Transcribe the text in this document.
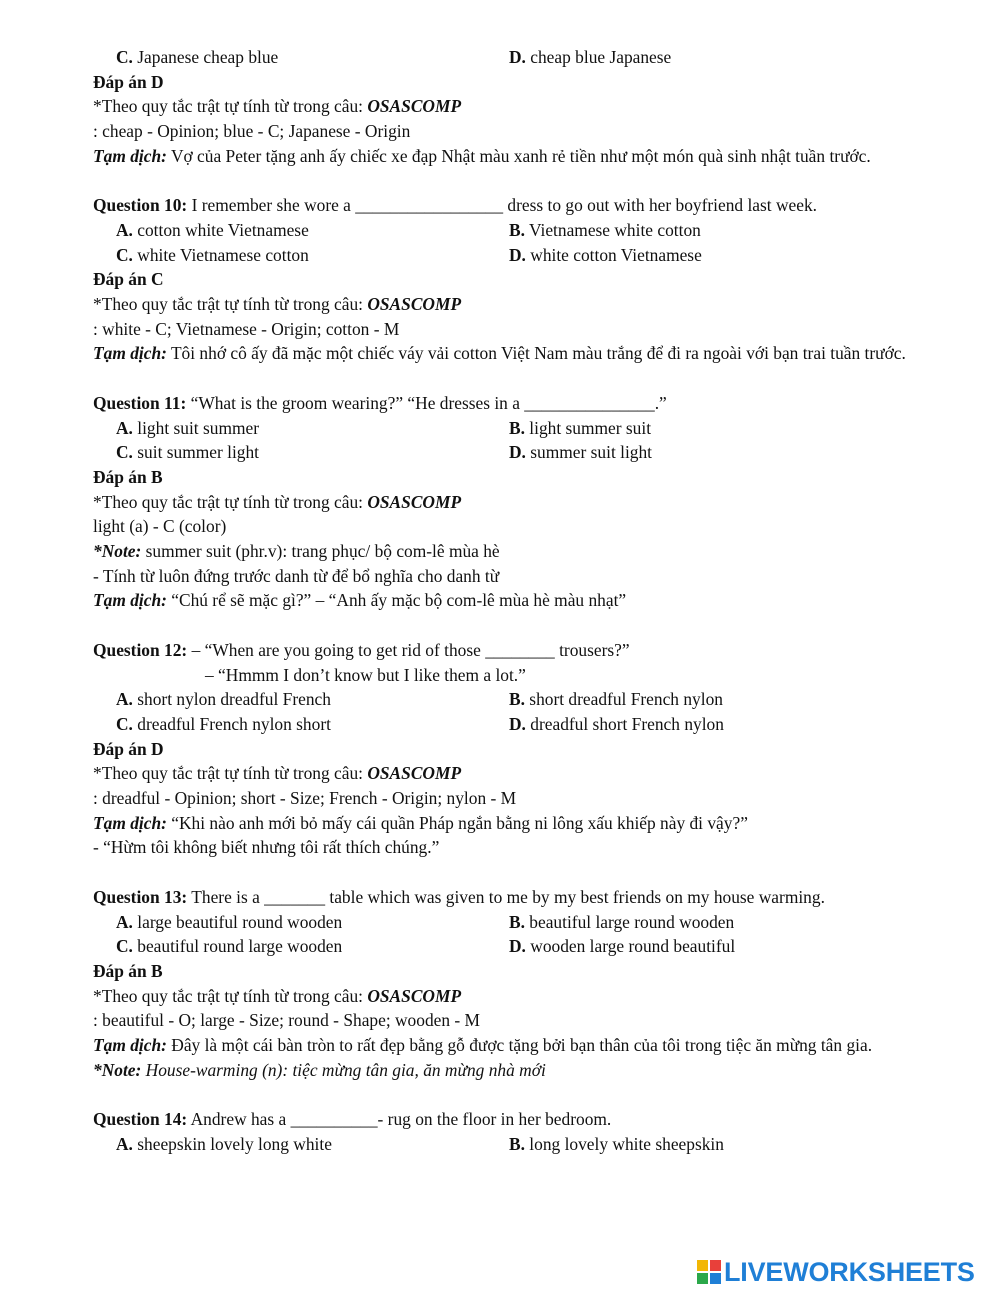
C. Japanese cheap blue	D. cheap blue Japanese
Đáp án D
*Theo quy tắc trật tự tính từ trong câu: OSASCOMP
: cheap - Opinion; blue - C; Japanese - Origin
Tạm dịch: Vợ của Peter tặng anh ấy chiếc xe đạp Nhật màu xanh rẻ tiền như một món quà sinh nhật tuần trước.
Question 10: I remember she wore a _________________ dress to go out with her boyfriend last week.
A. cotton white Vietnamese	B. Vietnamese white cotton
C. white Vietnamese cotton	D. white cotton Vietnamese
Đáp án C
*Theo quy tắc trật tự tính từ trong câu: OSASCOMP
: white - C; Vietnamese - Origin; cotton - M
Tạm dịch: Tôi nhớ cô ấy đã mặc một chiếc váy vải cotton Việt Nam màu trắng để đi ra ngoài với bạn trai tuần trước.
Question 11: “What is the groom wearing?” “He dresses in a _______________.”
A. light suit summer	B. light summer suit
C. suit summer light	D. summer suit light
Đáp án B
*Theo quy tắc trật tự tính từ trong câu: OSASCOMP
light (a) - C (color)
*Note: summer suit (phr.v): trang phục/ bộ com-lê mùa hè
- Tính từ luôn đứng trước danh từ để bổ nghĩa cho danh từ
Tạm dịch: “Chú rể sẽ mặc gì?” – “Anh ấy mặc bộ com-lê mùa hè màu nhạt”
Question 12: – “When are you going to get rid of those ________ trousers?”
– “Hmmm I don’t know but I like them a lot.”
A. short nylon dreadful French	B. short dreadful French nylon
C. dreadful French nylon short	D. dreadful short French nylon
Đáp án D
*Theo quy tắc trật tự tính từ trong câu: OSASCOMP
: dreadful - Opinion; short - Size; French - Origin; nylon - M
Tạm dịch: “Khi nào anh mới bỏ mấy cái quần Pháp ngắn bằng ni lông xấu khiếp này đi vậy?”
- “Hừm tôi không biết nhưng tôi rất thích chúng.”
Question 13: There is a _______ table which was given to me by my best friends on my house warming.
A. large beautiful round wooden	B. beautiful large round wooden
C. beautiful round large wooden	D. wooden large round beautiful
Đáp án B
*Theo quy tắc trật tự tính từ trong câu: OSASCOMP
: beautiful - O; large - Size; round - Shape; wooden - M
Tạm dịch: Đây là một cái bàn tròn to rất đẹp bằng gỗ được tặng bởi bạn thân của tôi trong tiệc ăn mừng tân gia.
*Note: House-warming (n): tiệc mừng tân gia, ăn mừng nhà mới
Question 14: Andrew has a __________- rug on the floor in her bedroom.
A. sheepskin lovely long white	B. long lovely white sheepskin
LIVEWORKSHEETS
